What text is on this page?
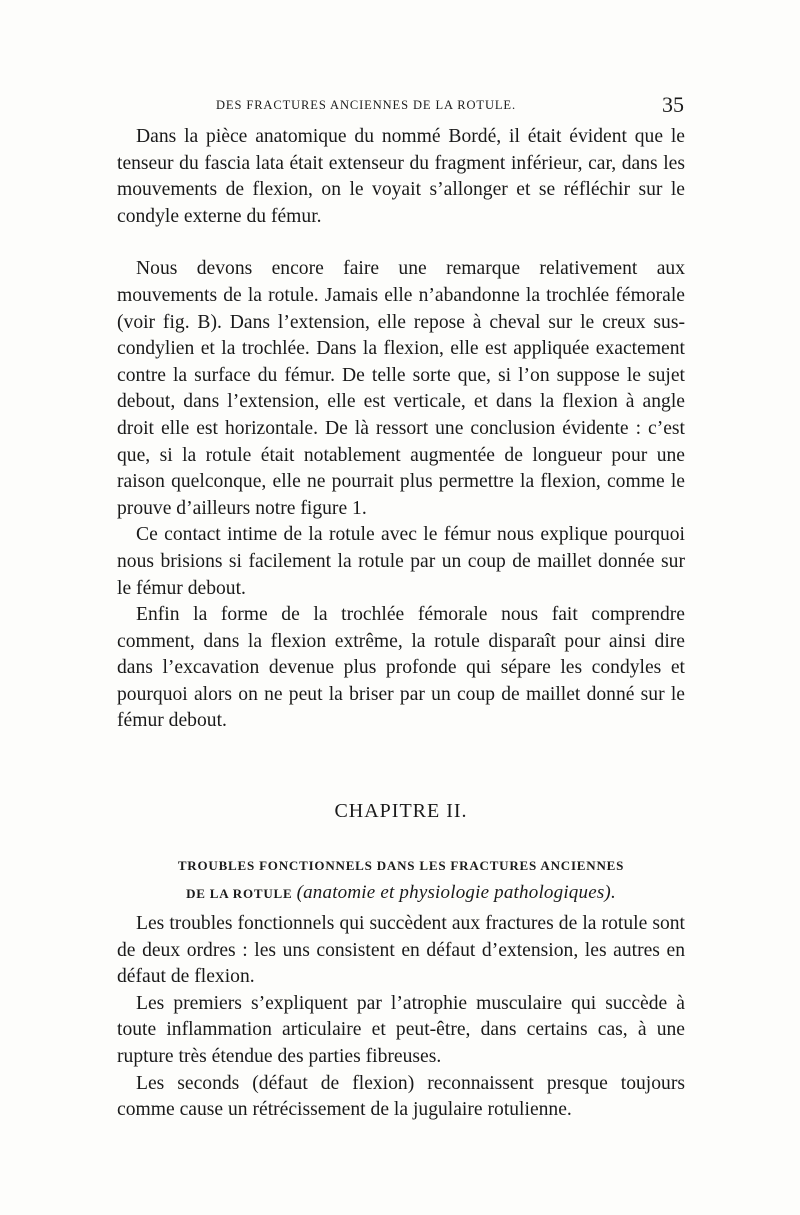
DES FRACTURES ANCIENNES DE LA ROTULE.	35

Dans la pièce anatomique du nommé Bordé, il était évident que le tenseur du fascia lata était extenseur du fragment inférieur, car, dans les mouvements de flexion, on le voyait s’allonger et se réfléchir sur le condyle externe du fémur.

Nous devons encore faire une remarque relativement aux mouvements de la rotule. Jamais elle n’abandonne la trochlée fémorale (voir fig. B). Dans l’extension, elle repose à cheval sur le creux sus-condylien et la trochlée. Dans la flexion, elle est appliquée exactement contre la surface du fémur. De telle sorte que, si l’on suppose le sujet debout, dans l’extension, elle est verticale, et dans la flexion à angle droit elle est horizontale. De là ressort une conclusion évidente : c’est que, si la rotule était notablement augmentée de longueur pour une raison quelconque, elle ne pourrait plus permettre la flexion, comme le prouve d’ailleurs notre figure 1.

Ce contact intime de la rotule avec le fémur nous explique pourquoi nous brisions si facilement la rotule par un coup de maillet donnée sur le fémur debout.

Enfin la forme de la trochlée fémorale nous fait comprendre comment, dans la flexion extrême, la rotule disparaît pour ainsi dire dans l’excavation devenue plus profonde qui sépare les condyles et pourquoi alors on ne peut la briser par un coup de maillet donné sur le fémur debout.

CHAPITRE II.
TROUBLES FONCTIONNELS DANS LES FRACTURES ANCIENNES
DE LA ROTULE (anatomie et physiologie pathologiques).

Les troubles fonctionnels qui succèdent aux fractures de la rotule sont de deux ordres : les uns consistent en défaut d’extension, les autres en défaut de flexion.

Les premiers s’expliquent par l’atrophie musculaire qui succède à toute inflammation articulaire et peut-être, dans certains cas, à une rupture très étendue des parties fibreuses.

Les seconds (défaut de flexion) reconnaissent presque toujours comme cause un rétrécissement de la jugulaire rotulienne.
